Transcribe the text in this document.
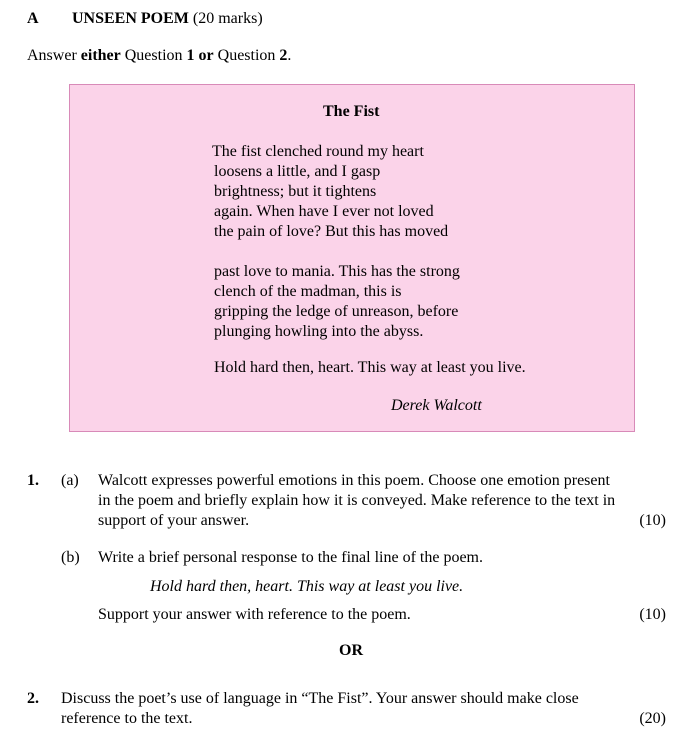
A UNSEEN POEM (20 marks)
Answer either Question 1 or Question 2.
The Fist
The fist clenched round my heart
loosens a little, and I gasp
brightness; but it tightens
again. When have I ever not loved
the pain of love? But this has moved
past love to mania. This has the strong
clench of the madman, this is
gripping the ledge of unreason, before
plunging howling into the abyss.
Hold hard then, heart. This way at least you live.
Derek Walcott
1. (a) Walcott expresses powerful emotions in this poem. Choose one emotion present
in the poem and briefly explain how it is conveyed. Make reference to the text in
support of your answer.	(10)
(b) Write a brief personal response to the final line of the poem.
Hold hard then, heart. This way at least you live.
Support your answer with reference to the poem.	(10)
OR
2. Discuss the poet’s use of language in “The Fist”. Your answer should make close
reference to the text.	(20)
